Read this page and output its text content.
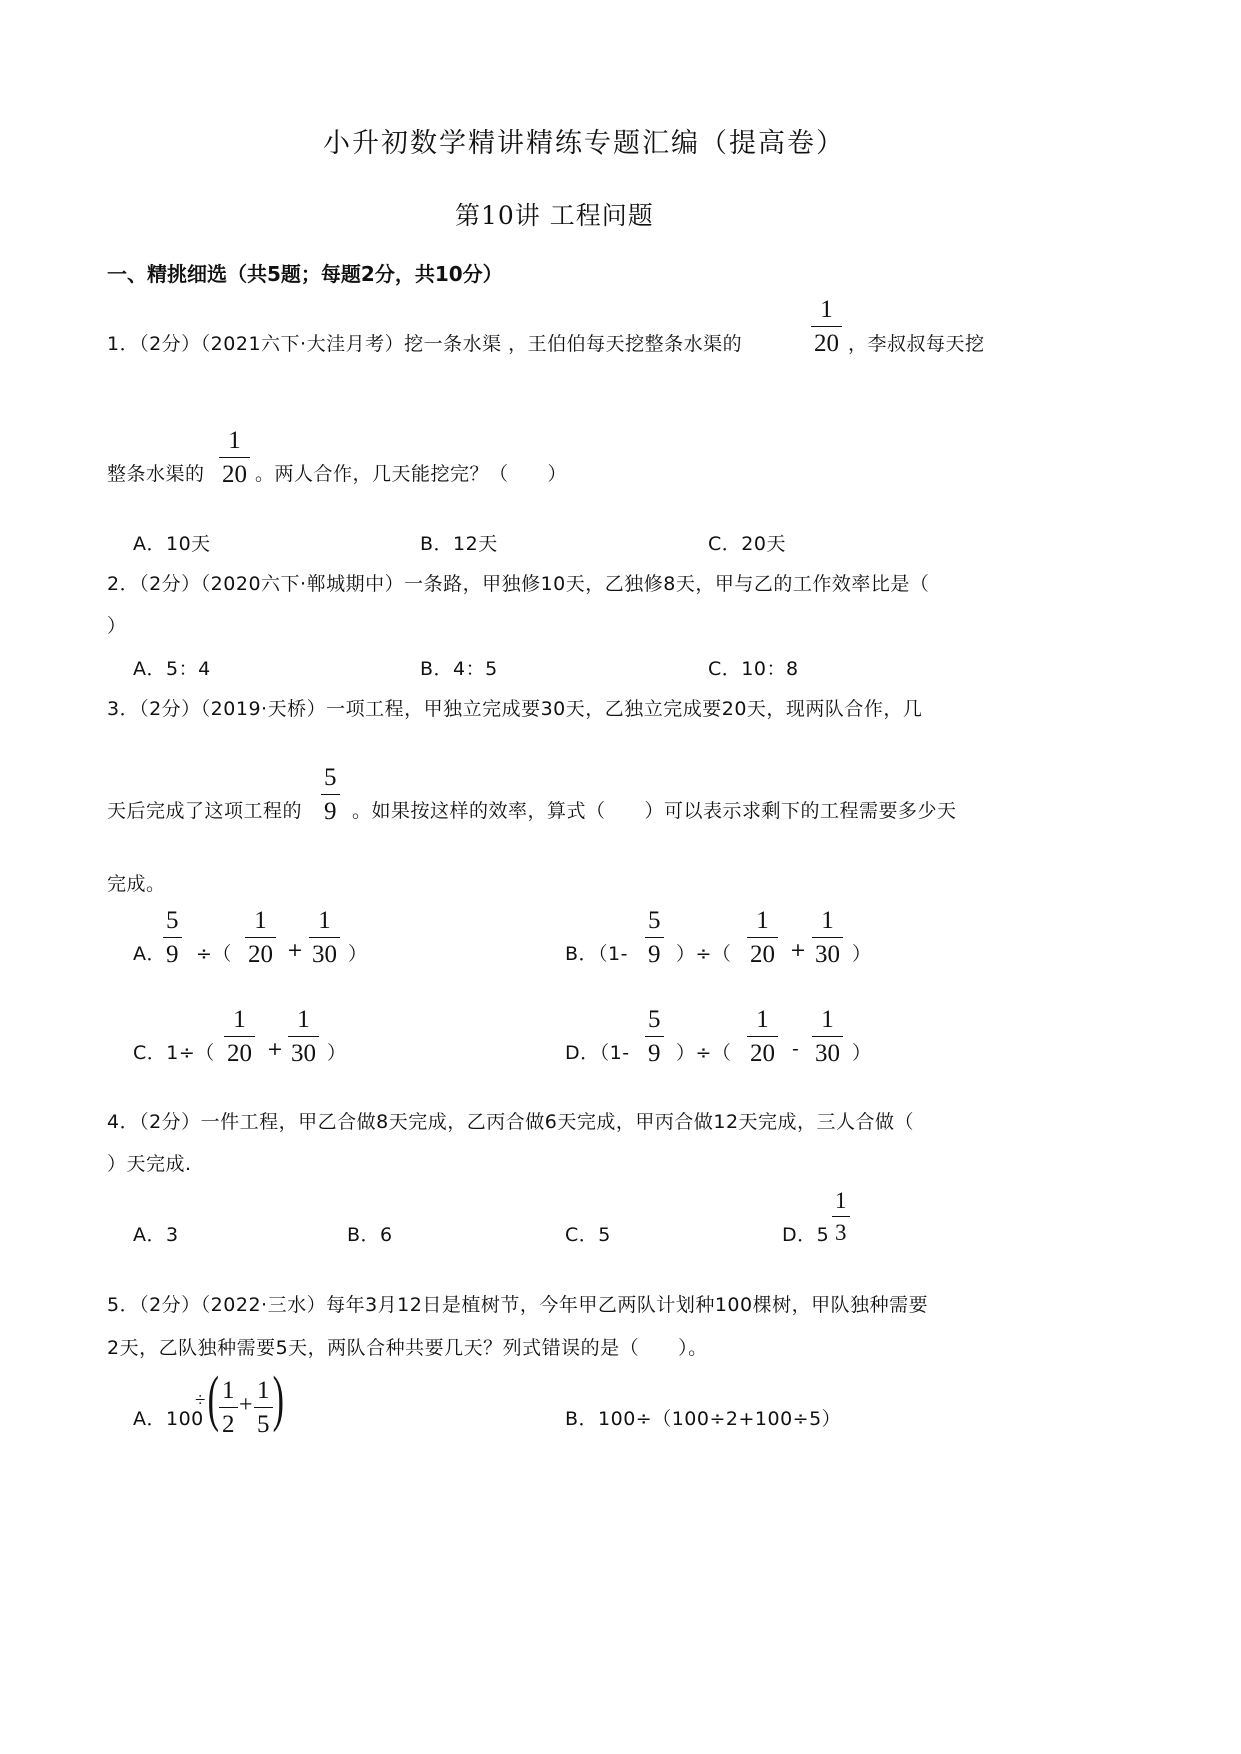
小升初数学精讲精练专题汇编（提高卷）
第10讲 工程问题
一、精挑细选（共5题；每题2分，共10分）
1．（2分）（2021六下·大洼月考）挖一条水渠 ，王伯伯每天挖整条水渠的
1
20 ，李叔叔每天挖
整条水渠的
1
20 。两人合作，几天能挖完？（　　）
A．10天	B．12天	C．20天
2．（2分）（2020六下·郸城期中）一条路，甲独修10天，乙独修8天，甲与乙的工作效率比是（
）
A．5：4	B．4：5	C．10：8
3．（2分）（2019·天桥）一项工程，甲独立完成要30天，乙独立完成要20天，现两队合作，几
天后完成了这项工程的
5
9 。如果按这样的效率，算式（　　）可以表示求剩下的工程需要多少天
完成。
A．
5
9 ÷（
1
20 +
1
30 ）	B．（1-
5
9 ）÷（
1
20 +
1
30 ）
C．1÷（
1
20 +
1
30 ）	D．（1-
5
9 ）÷（
1
20 -
1
30 ）
4．（2分）一件工程，甲乙合做8天完成，乙丙合做6天完成，甲丙合做12天完成，三人合做（
）天完成.
A．3	B．6	C．5	D．5
1
3
5．（2分）（2022·三水）每年3月12日是植树节，今年甲乙两队计划种100棵树，甲队独种需要
2天，乙队独种需要5天，两队合种共要几天？列式错误的是（　　）。
A．100
÷ ( 1
2
+
1
5 )	B．100÷（100÷2+100÷5）
